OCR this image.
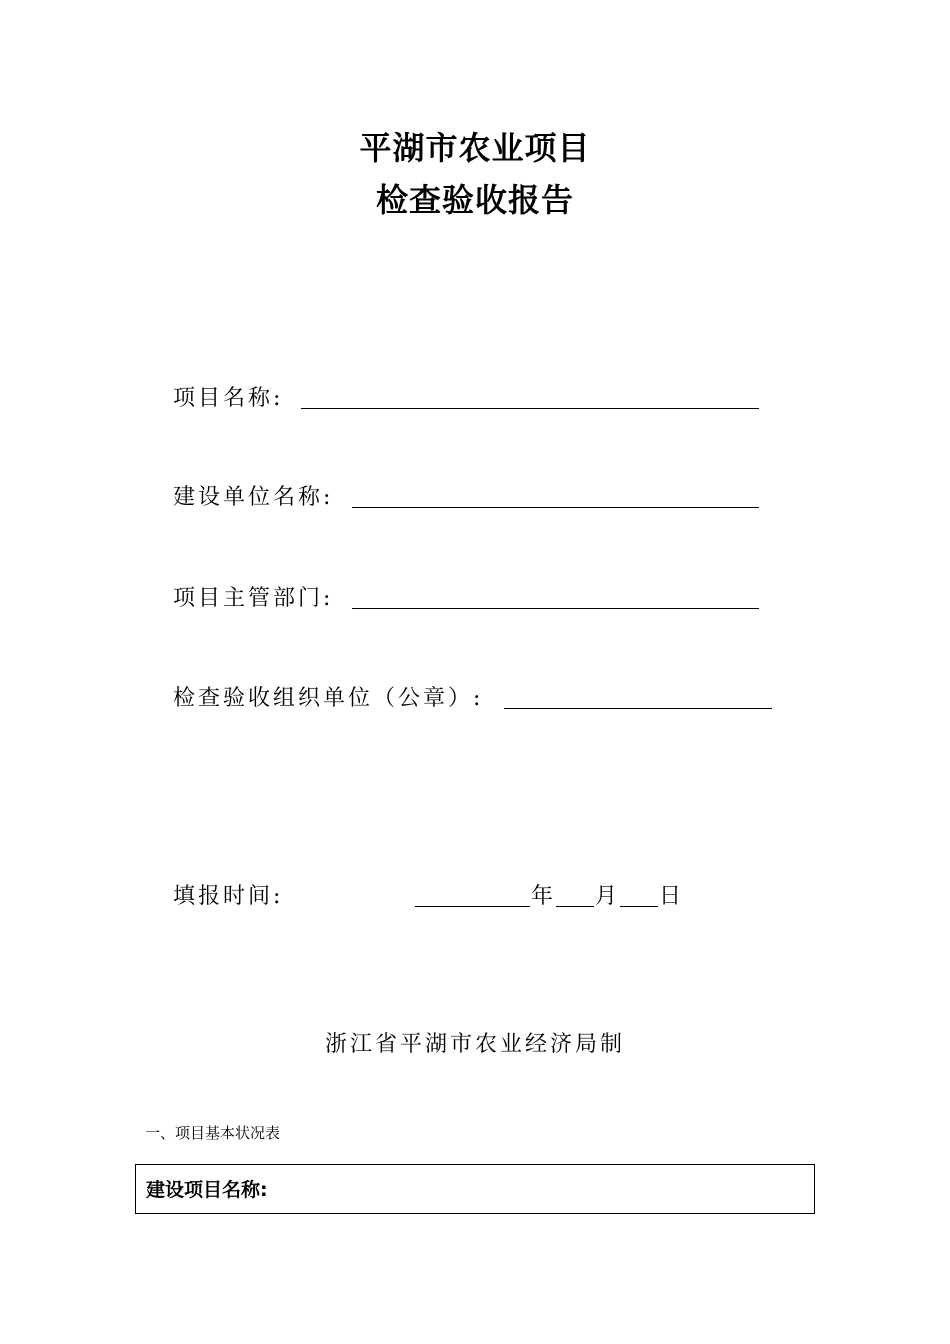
平湖市农业项目
检查验收报告
项目名称:
建设单位名称:
项目主管部门:
检查验收组织单位（公章）:
填报时间:	年 月 日
浙江省平湖市农业经济局制
一、项目基本状况表
建设项目名称:
